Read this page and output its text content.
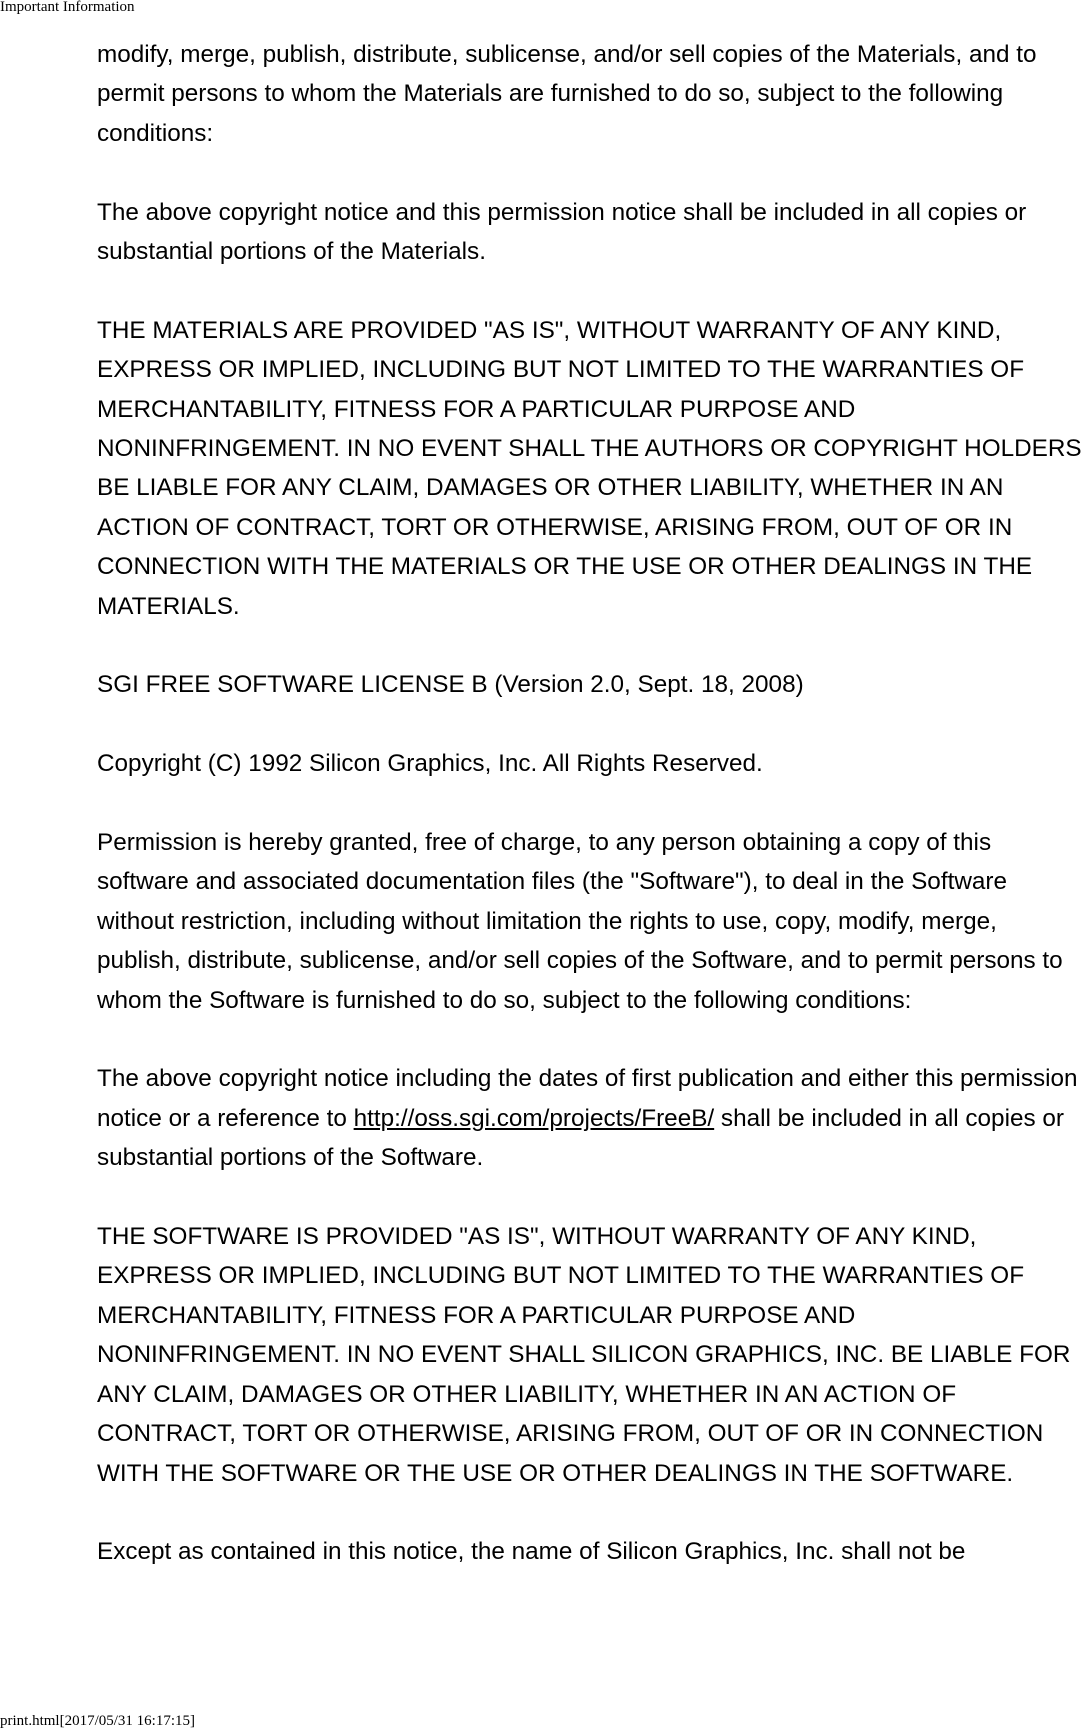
Important Information

modify, merge, publish, distribute, sublicense, and/or sell copies of the Materials, and to permit persons to whom the Materials are furnished to do so, subject to the following conditions:

The above copyright notice and this permission notice shall be included in all copies or substantial portions of the Materials.

THE MATERIALS ARE PROVIDED "AS IS", WITHOUT WARRANTY OF ANY KIND, EXPRESS OR IMPLIED, INCLUDING BUT NOT LIMITED TO THE WARRANTIES OF MERCHANTABILITY, FITNESS FOR A PARTICULAR PURPOSE AND NONINFRINGEMENT. IN NO EVENT SHALL THE AUTHORS OR COPYRIGHT HOLDERS BE LIABLE FOR ANY CLAIM, DAMAGES OR OTHER LIABILITY, WHETHER IN AN ACTION OF CONTRACT, TORT OR OTHERWISE, ARISING FROM, OUT OF OR IN CONNECTION WITH THE MATERIALS OR THE USE OR OTHER DEALINGS IN THE MATERIALS.

SGI FREE SOFTWARE LICENSE B (Version 2.0, Sept. 18, 2008)

Copyright (C) 1992 Silicon Graphics, Inc. All Rights Reserved.

Permission is hereby granted, free of charge, to any person obtaining a copy of this software and associated documentation files (the "Software"), to deal in the Software without restriction, including without limitation the rights to use, copy, modify, merge, publish, distribute, sublicense, and/or sell copies of the Software, and to permit persons to whom the Software is furnished to do so, subject to the following conditions:

The above copyright notice including the dates of first publication and either this permission notice or a reference to http://oss.sgi.com/projects/FreeB/ shall be included in all copies or substantial portions of the Software.

THE SOFTWARE IS PROVIDED "AS IS", WITHOUT WARRANTY OF ANY KIND, EXPRESS OR IMPLIED, INCLUDING BUT NOT LIMITED TO THE WARRANTIES OF MERCHANTABILITY, FITNESS FOR A PARTICULAR PURPOSE AND NONINFRINGEMENT. IN NO EVENT SHALL SILICON GRAPHICS, INC. BE LIABLE FOR ANY CLAIM, DAMAGES OR OTHER LIABILITY, WHETHER IN AN ACTION OF CONTRACT, TORT OR OTHERWISE, ARISING FROM, OUT OF OR IN CONNECTION WITH THE SOFTWARE OR THE USE OR OTHER DEALINGS IN THE SOFTWARE.

Except as contained in this notice, the name of Silicon Graphics, Inc. shall not be

print.html[2017/05/31 16:17:15]
